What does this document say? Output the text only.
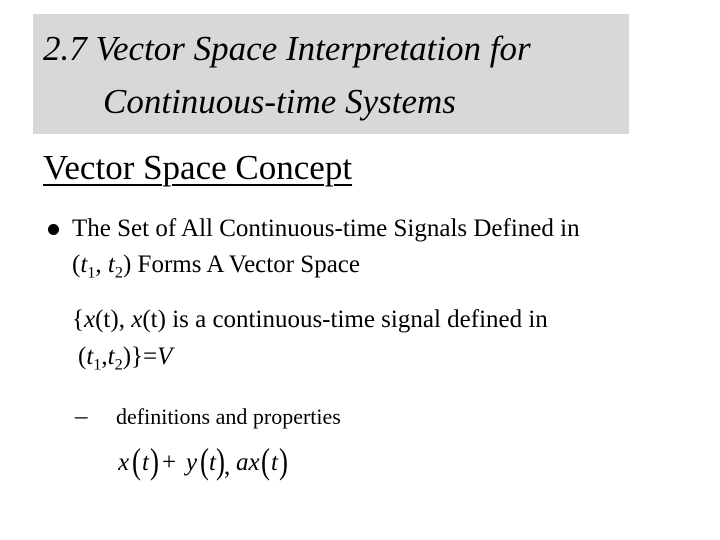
2.7 Vector Space Interpretation for
Continuous-time Systems
Vector Space Concept
The Set of All Continuous-time Signals Defined in
($t_1$, $t_2$) Forms A Vector Space
{x(t), x(t) is a continuous-time signal defined in
$(t_1,t_2)\}=V$
– definitions and properties
x ( t ) + y ( t ) , ax ( t )
